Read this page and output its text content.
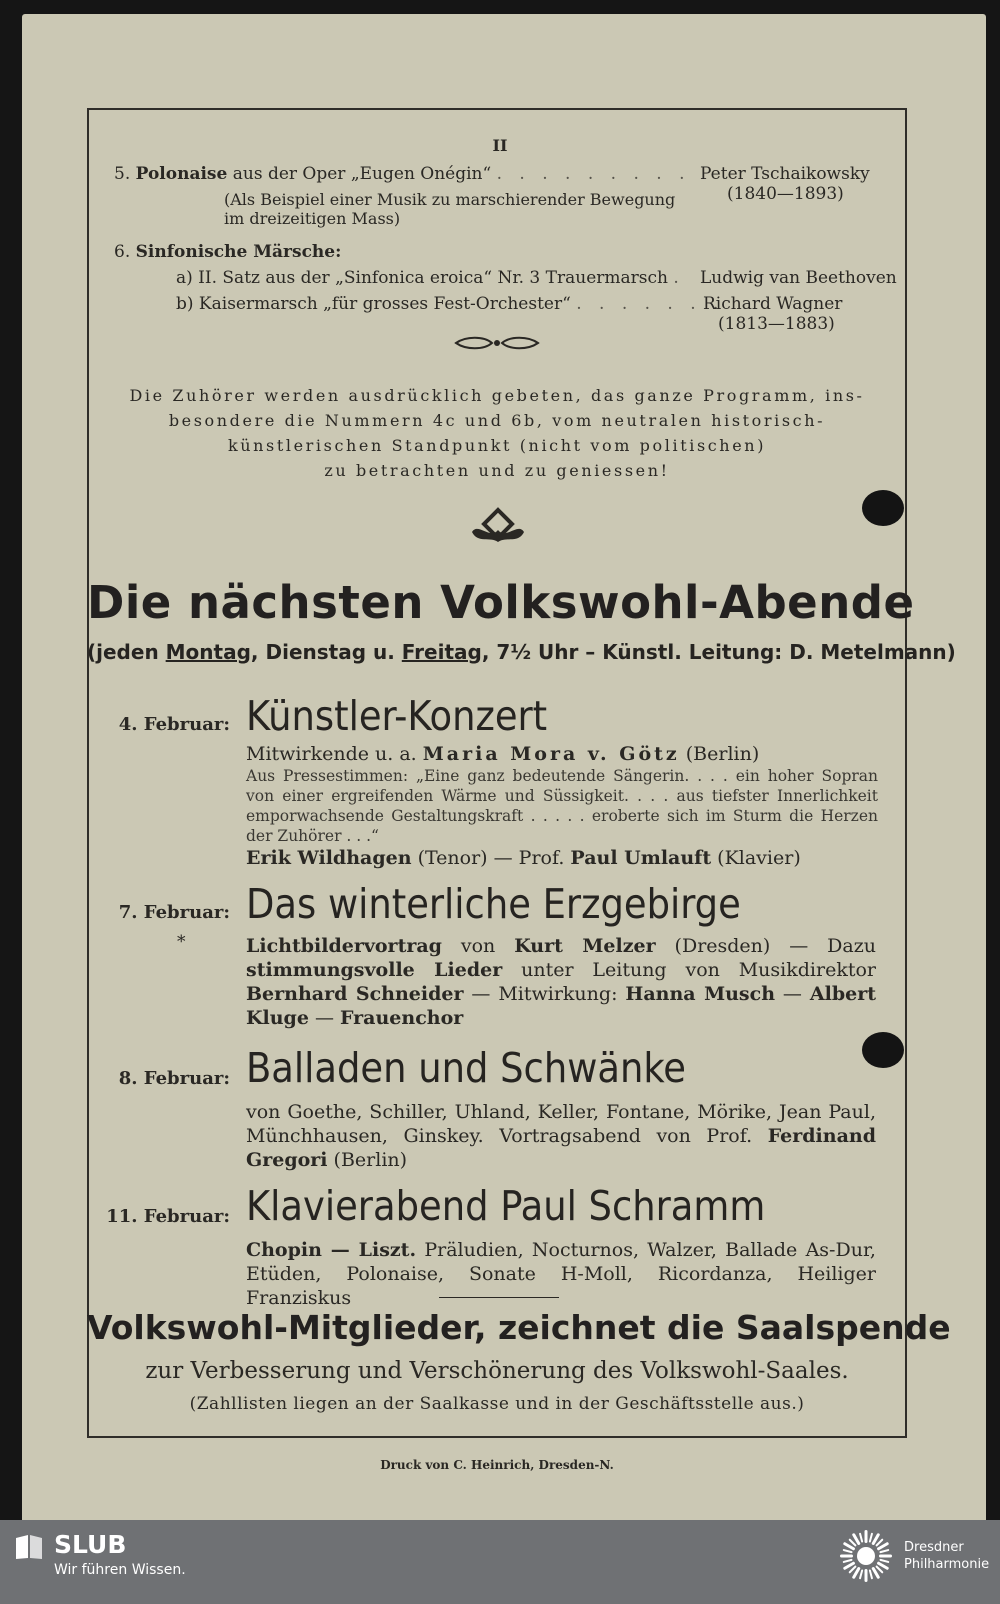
II
5. Polonaise aus der Oper „Eugen Onégin“ . . . . . . . . . Peter Tschaikowsky
(1840—1893)
(Als Beispiel einer Musik zu marschierender Bewegung
im dreizeitigen Mass)
6. Sinfonische Märsche:
a) II. Satz aus der „Sinfonica eroica“ Nr. 3 Trauermarsch . Ludwig van Beethoven
b) Kaisermarsch „für grosses Fest-Orchester“ . . . . . . .
Richard Wagner
(1813—1883)
Die Zuhörer werden ausdrücklich gebeten, das ganze Programm, ins-
besondere die Nummern 4c und 6b, vom neutralen historisch-
künstlerischen Standpunkt (nicht vom politischen)
zu betrachten und zu geniessen!
Die nächsten Volkswohl-Abende
(jeden Montag, Dienstag u. Freitag, 7½ Uhr – Künstl. Leitung: D. Metelmann)
4. Februar: Künstler-Konzert
Mitwirkende u. a. Maria Mora v. Götz (Berlin)
Aus Pressestimmen: „Eine ganz bedeutende Sängerin. . . . ein hoher Sopran von einer ergreifenden Wärme und Süssigkeit. . . . aus tiefster Innerlichkeit emporwachsende Gestaltungskraft . . . . . eroberte sich im Sturm die Herzen der Zuhörer . . .“
Erik Wildhagen (Tenor) — Prof. Paul Umlauft (Klavier)
7. Februar:
*
Das winterliche Erzgebirge
Lichtbildervortrag von Kurt Melzer (Dresden) — Dazu stimmungsvolle Lieder unter Leitung von Musikdirektor Bernhard Schneider — Mitwirkung: Hanna Musch — Albert Kluge — Frauenchor
8. Februar: Balladen und Schwänke
von Goethe, Schiller, Uhland, Keller, Fontane, Mörike, Jean Paul, Münchhausen, Ginskey. Vortragsabend von Prof. Ferdinand Gregori (Berlin)
11. Februar: Klavierabend Paul Schramm
Chopin — Liszt. Präludien, Nocturnos, Walzer, Ballade As-Dur, Etüden, Polonaise, Sonate H-Moll, Ricordanza, Heiliger Franziskus
Volkswohl-Mitglieder, zeichnet die Saalspende
zur Verbesserung und Verschönerung des Volkswohl-Saales.
(Zahllisten liegen an der Saalkasse und in der Geschäftsstelle aus.)
Druck von C. Heinrich, Dresden-N.
SLUB
Wir führen Wissen.
Dresdner
Philharmonie
